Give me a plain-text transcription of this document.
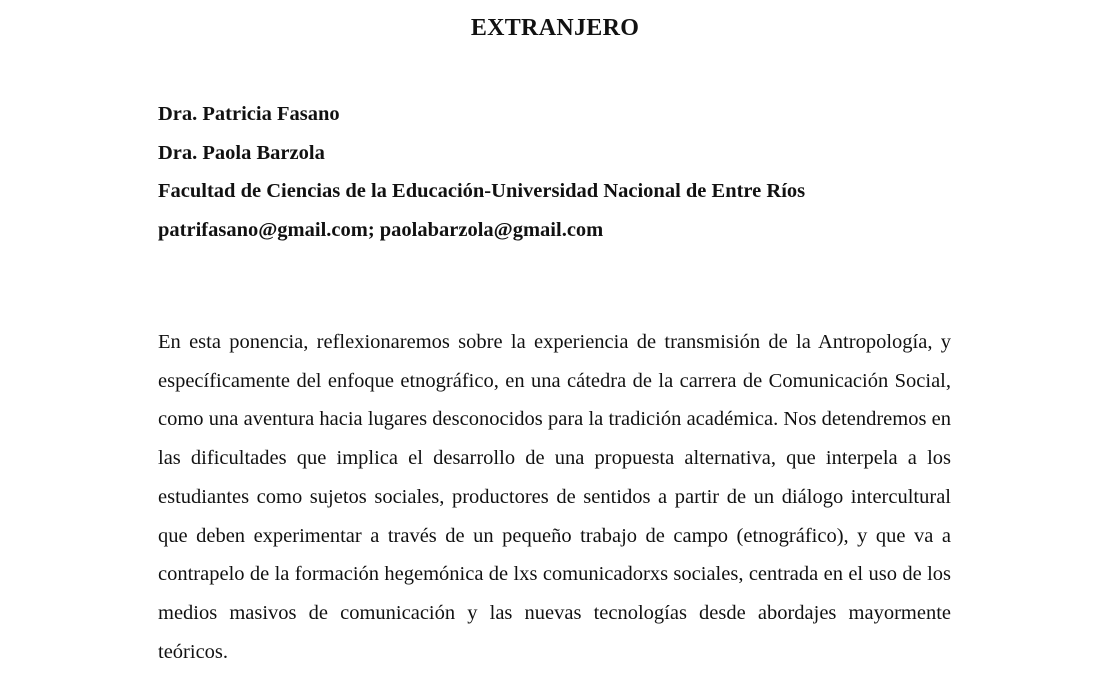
EXTRANJERO
Dra. Patricia Fasano
Dra. Paola Barzola
Facultad de Ciencias de la Educación-Universidad Nacional de Entre Ríos
patrifasano@gmail.com; paolabarzola@gmail.com

En esta ponencia, reflexionaremos sobre la experiencia de transmisión de la Antropología, y específicamente del enfoque etnográfico, en una cátedra de la carrera de Comunicación Social, como una aventura hacia lugares desconocidos para la tradición académica. Nos detendremos en las dificultades que implica el desarrollo de una propuesta alternativa, que interpela a los estudiantes como sujetos sociales, productores de sentidos a partir de un diálogo intercultural que deben experimentar a través de un pequeño trabajo de campo (etnográfico), y que va a contrapelo de la formación hegemónica de lxs comunicadorxs sociales, centrada en el uso de los medios masivos de comunicación y las nuevas tecnologías desde abordajes mayormente teóricos.
